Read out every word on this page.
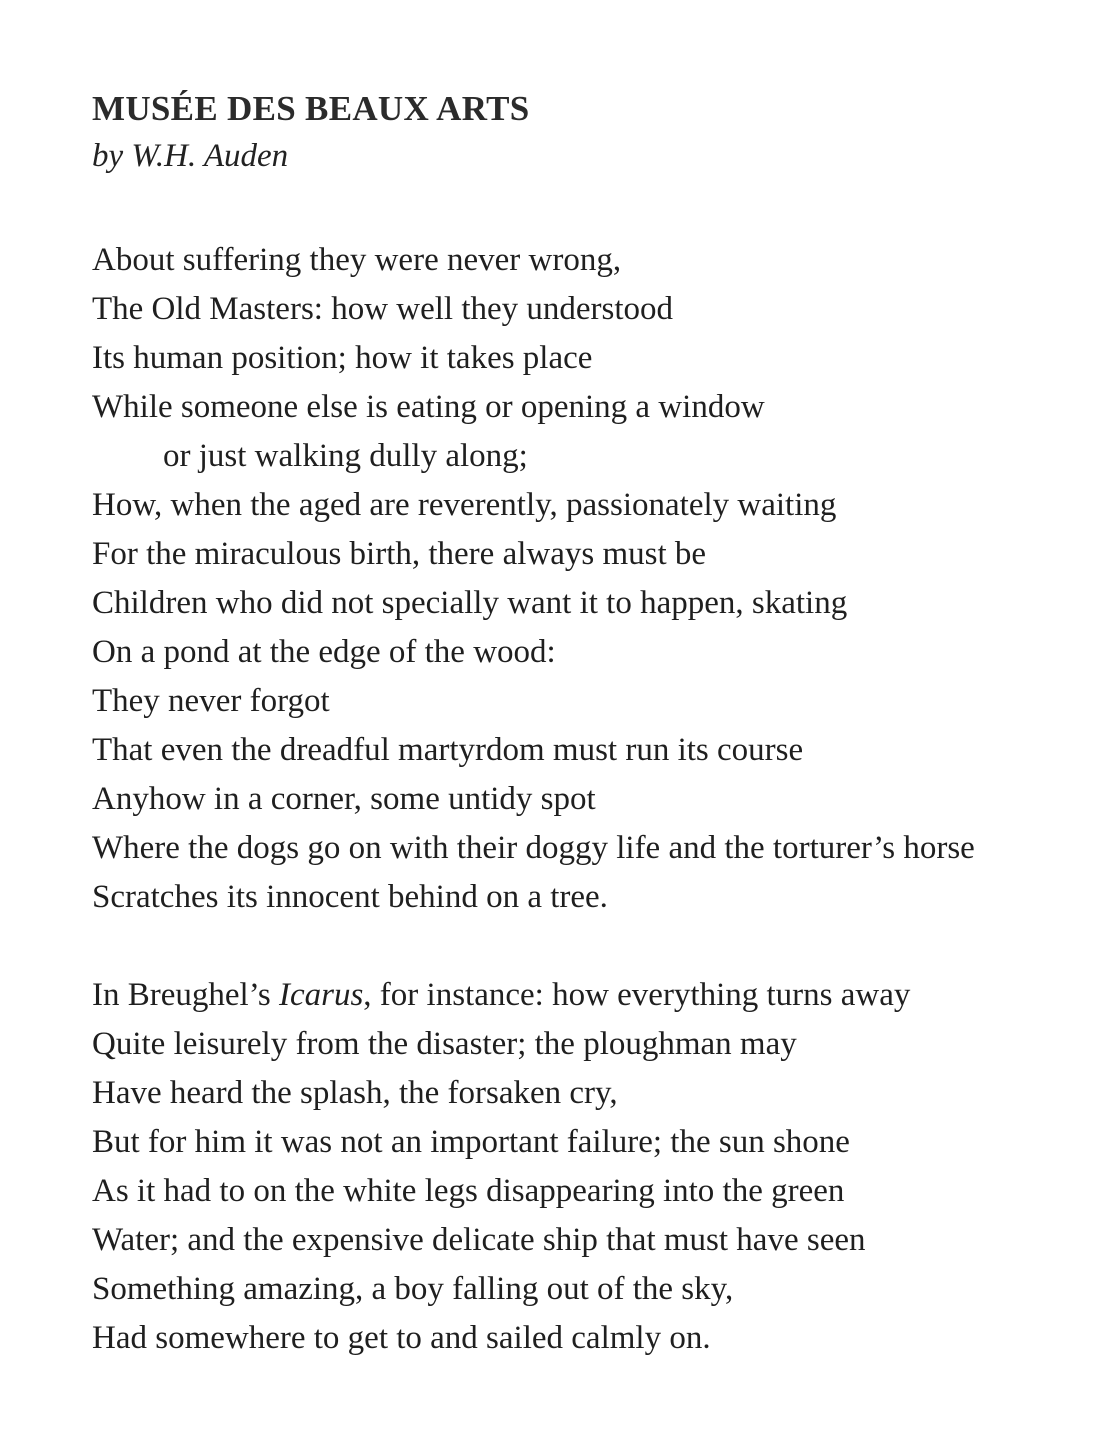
MUSÉE DES BEAUX ARTS

by W.H. Auden

About suffering they were never wrong,
The Old Masters: how well they understood
Its human position; how it takes place
While someone else is eating or opening a window
or just walking dully along;
How, when the aged are reverently, passionately waiting
For the miraculous birth, there always must be
Children who did not specially want it to happen, skating
On a pond at the edge of the wood:
They never forgot
That even the dreadful martyrdom must run its course
Anyhow in a corner, some untidy spot
Where the dogs go on with their doggy life and the torturer’s horse
Scratches its innocent behind on a tree.
In Breughel’s Icarus, for instance: how everything turns away
Quite leisurely from the disaster; the ploughman may
Have heard the splash, the forsaken cry,
But for him it was not an important failure; the sun shone
As it had to on the white legs disappearing into the green
Water; and the expensive delicate ship that must have seen
Something amazing, a boy falling out of the sky,
Had somewhere to get to and sailed calmly on.
